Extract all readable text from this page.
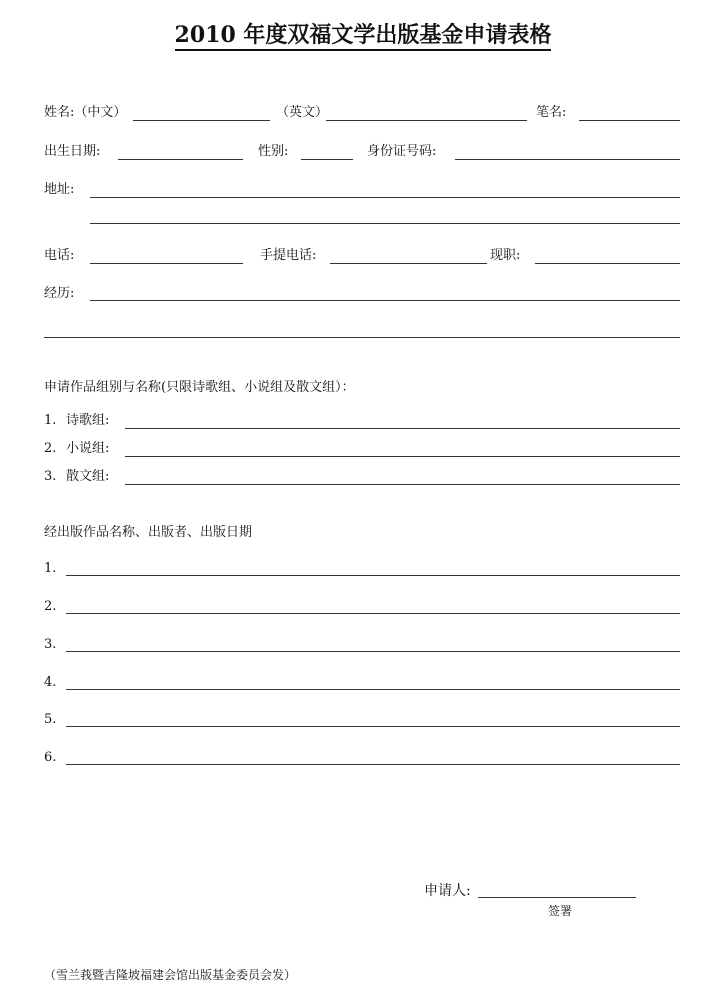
2010 年度双福文学出版基金申请表格
姓名:（中文）	（英文）	笔名:
出生日期:	性别:	身份证号码:
地址:
电话:	手提电话:	现职:
经历:
申请作品组别与名称(只限诗歌组、小说组及散文组）：
1. 诗歌组:
2. 小说组:
3. 散文组:
经出版作品名称、出版者、出版日期
1.
2.
3.
4.
5.
6.
申请人:
签署
（雪兰莪暨吉隆坡福建会馆出版基金委员会发）
